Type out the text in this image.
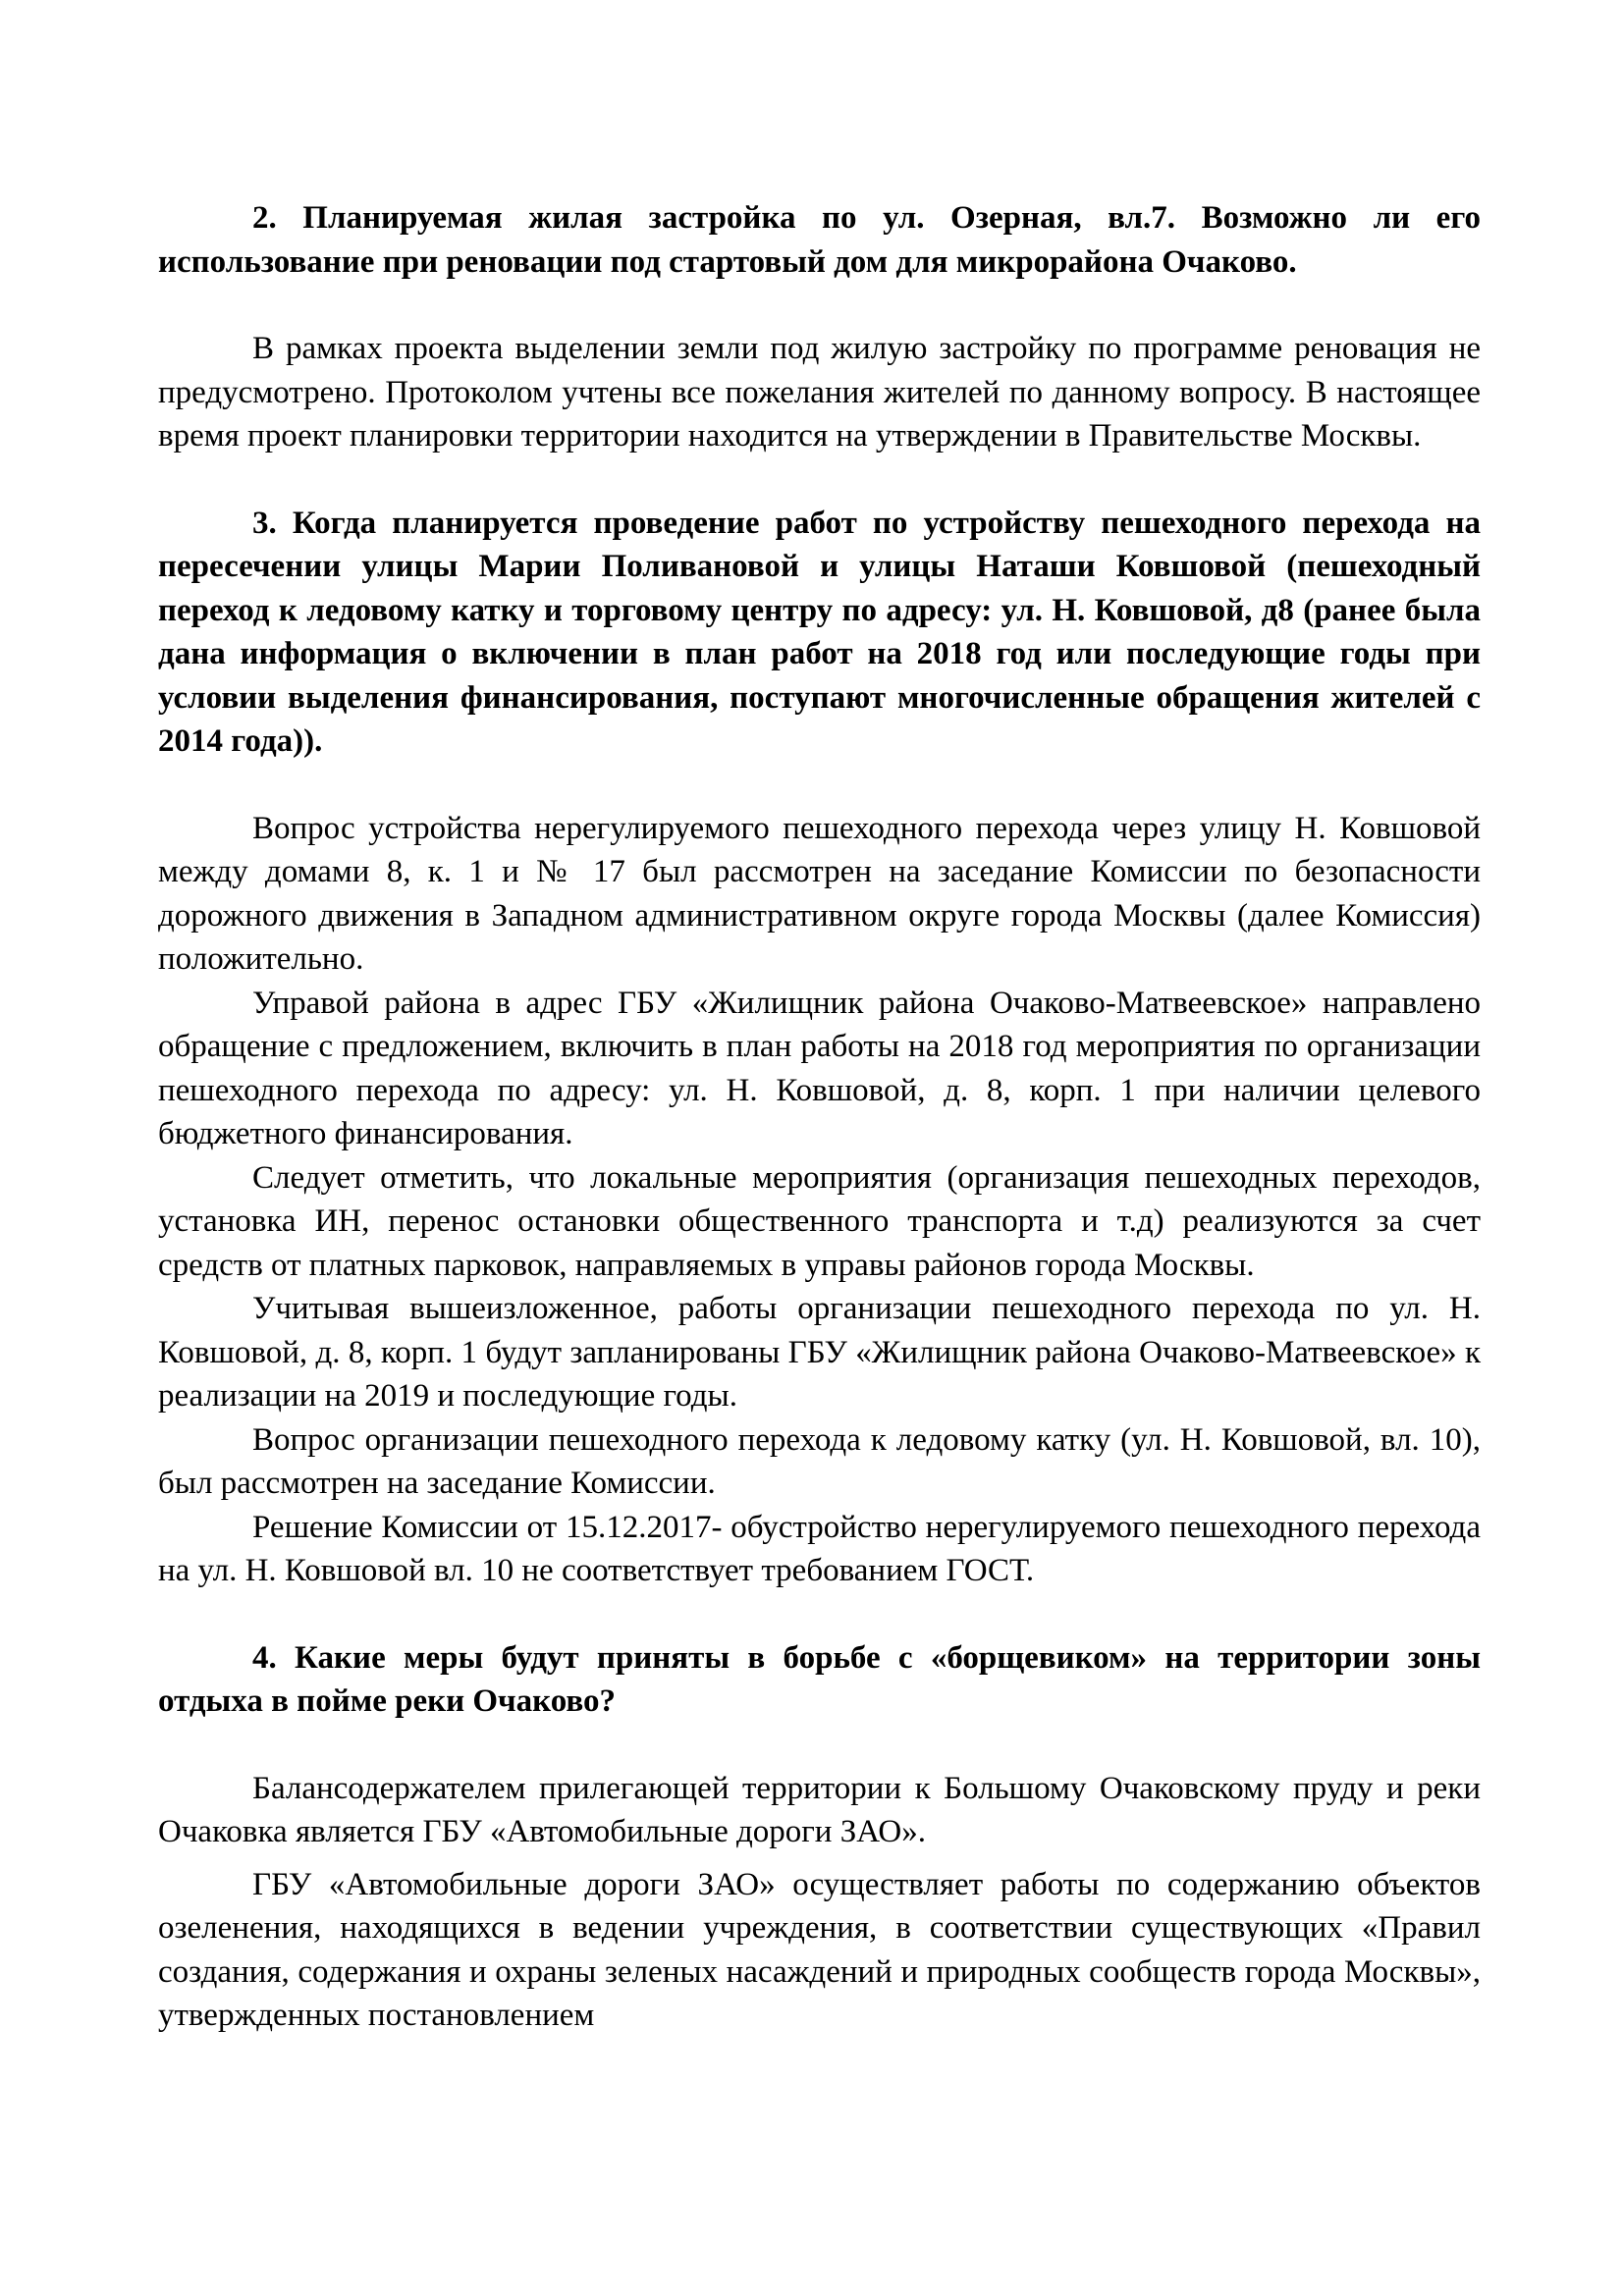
2. Планируемая жилая застройка по ул. Озерная, вл.7. Возможно ли его использование при реновации под стартовый дом для микрорайона Очаково.

В рамках проекта выделении земли под жилую застройку по программе реновация не предусмотрено. Протоколом учтены все пожелания жителей по данному вопросу. В настоящее время проект планировки территории находится на утверждении в Правительстве Москвы.

3. Когда планируется проведение работ по устройству пешеходного перехода на пересечении улицы Марии Поливановой и улицы Наташи Ковшовой (пешеходный переход к ледовому катку и торговому центру по адресу: ул. Н. Ковшовой, д8 (ранее была дана информация о включении в план работ на 2018 год или последующие годы при условии выделения финансирования, поступают многочисленные обращения жителей с 2014 года)).

Вопрос устройства нерегулируемого пешеходного перехода через улицу Н. Ковшовой между домами 8, к. 1 и № 17 был рассмотрен на заседание Комиссии по безопасности дорожного движения в Западном административном округе города Москвы (далее Комиссия) положительно.

Управой района в адрес ГБУ «Жилищник района Очаково-Матвеевское» направлено обращение с предложением, включить в план работы на 2018 год мероприятия по организации пешеходного перехода по адресу: ул. Н. Ковшовой, д. 8, корп. 1 при наличии целевого бюджетного финансирования.

Следует отметить, что локальные мероприятия (организация пешеходных переходов, установка ИН, перенос остановки общественного транспорта и т.д) реализуются за счет средств от платных парковок, направляемых в управы районов города Москвы.

Учитывая вышеизложенное, работы организации пешеходного перехода по ул. Н. Ковшовой, д. 8, корп. 1 будут запланированы ГБУ «Жилищник района Очаково-Матвеевское» к реализации на 2019 и последующие годы.

Вопрос организации пешеходного перехода к ледовому катку (ул. Н. Ковшовой, вл. 10), был рассмотрен на заседание Комиссии.

Решение Комиссии от 15.12.2017- обустройство нерегулируемого пешеходного перехода на ул. Н. Ковшовой вл. 10 не соответствует требованием ГОСТ.

4. Какие меры будут приняты в борьбе с «борщевиком» на территории зоны отдыха в пойме реки Очаково?

Балансодержателем прилегающей территории к Большому Очаковскому пруду и реки Очаковка является ГБУ «Автомобильные дороги ЗАО».

ГБУ «Автомобильные дороги ЗАО» осуществляет работы по содержанию объектов озеленения, находящихся в ведении учреждения, в соответствии существующих «Правил создания, содержания и охраны зеленых насаждений и природных сообществ города Москвы», утвержденных постановлением
